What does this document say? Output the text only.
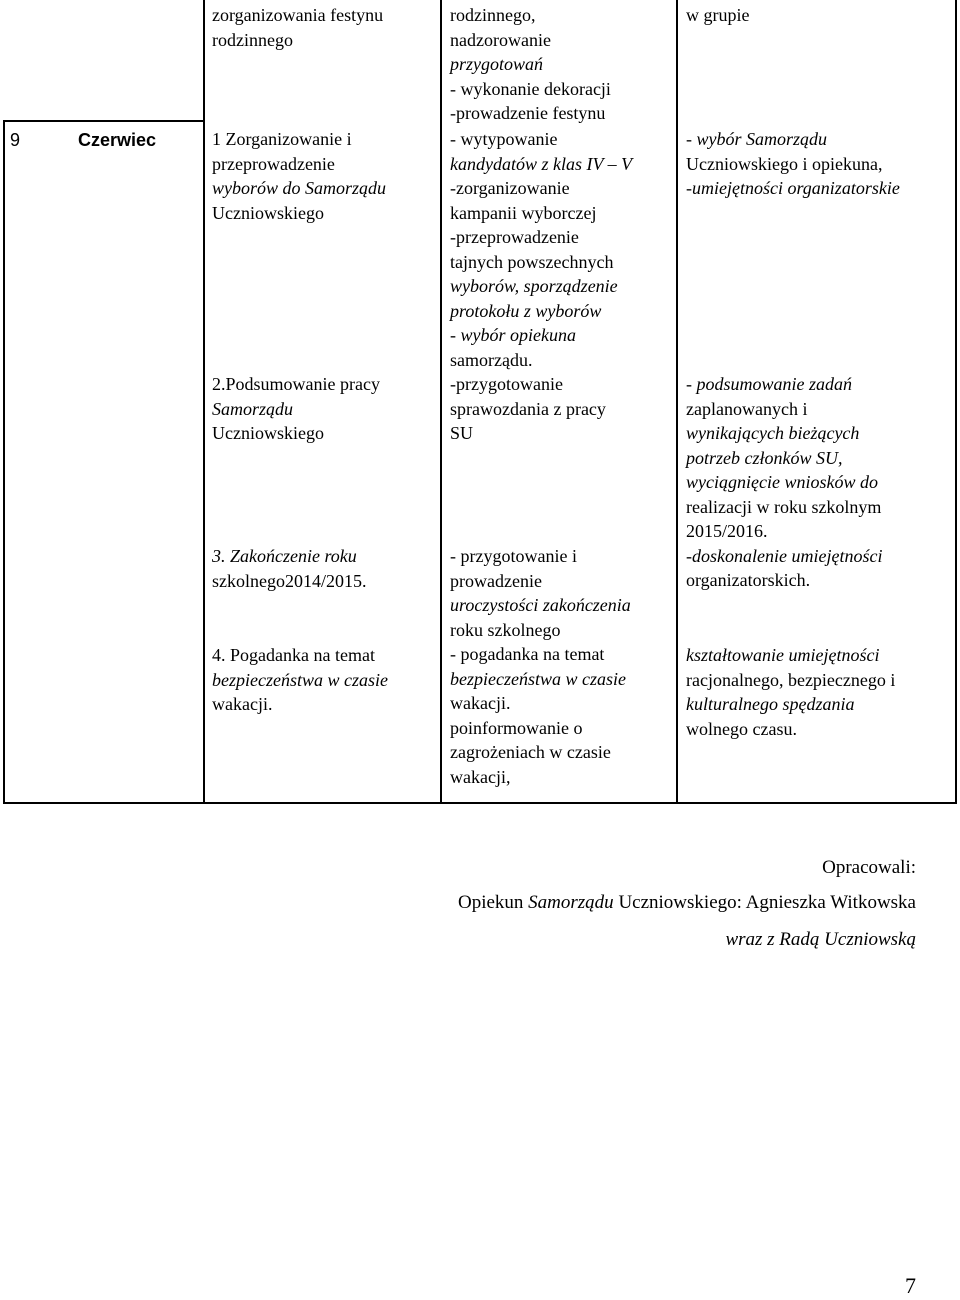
9	Czerwiec
zorganizowania festynu
rodzinnego
1 Zorganizowanie i
przeprowadzenie
wyborów do Samorządu
Uczniowskiego
2.Podsumowanie pracy
Samorządu
Uczniowskiego
3. Zakończenie roku
szkolnego2014/2015.
4. Pogadanka na temat
bezpieczeństwa w czasie
wakacji.
rodzinnego,
nadzorowanie
przygotowań
- wykonanie dekoracji
-prowadzenie festynu
- wytypowanie
kandydatów z klas IV – V
-zorganizowanie
kampanii wyborczej
-przeprowadzenie
tajnych powszechnych
wyborów, sporządzenie
protokołu z wyborów
- wybór opiekuna
samorządu.
-przygotowanie
sprawozdania z pracy
SU
- przygotowanie i
prowadzenie
uroczystości zakończenia
roku szkolnego
- pogadanka na temat
bezpieczeństwa w czasie
wakacji.
poinformowanie o
zagrożeniach w czasie
wakacji,
w grupie
- wybór Samorządu
Uczniowskiego i opiekuna,
-umiejętności organizatorskie
- podsumowanie zadań
zaplanowanych i
wynikających bieżących
potrzeb członków SU,
wyciągnięcie wniosków do
realizacji w roku szkolnym
2015/2016.
-doskonalenie umiejętności
organizatorskich.
kształtowanie umiejętności
racjonalnego, bezpiecznego i
kulturalnego spędzania
wolnego czasu.
Opracowali:
Opiekun Samorządu Uczniowskiego: Agnieszka Witkowska
wraz z Radą Uczniowską
7
